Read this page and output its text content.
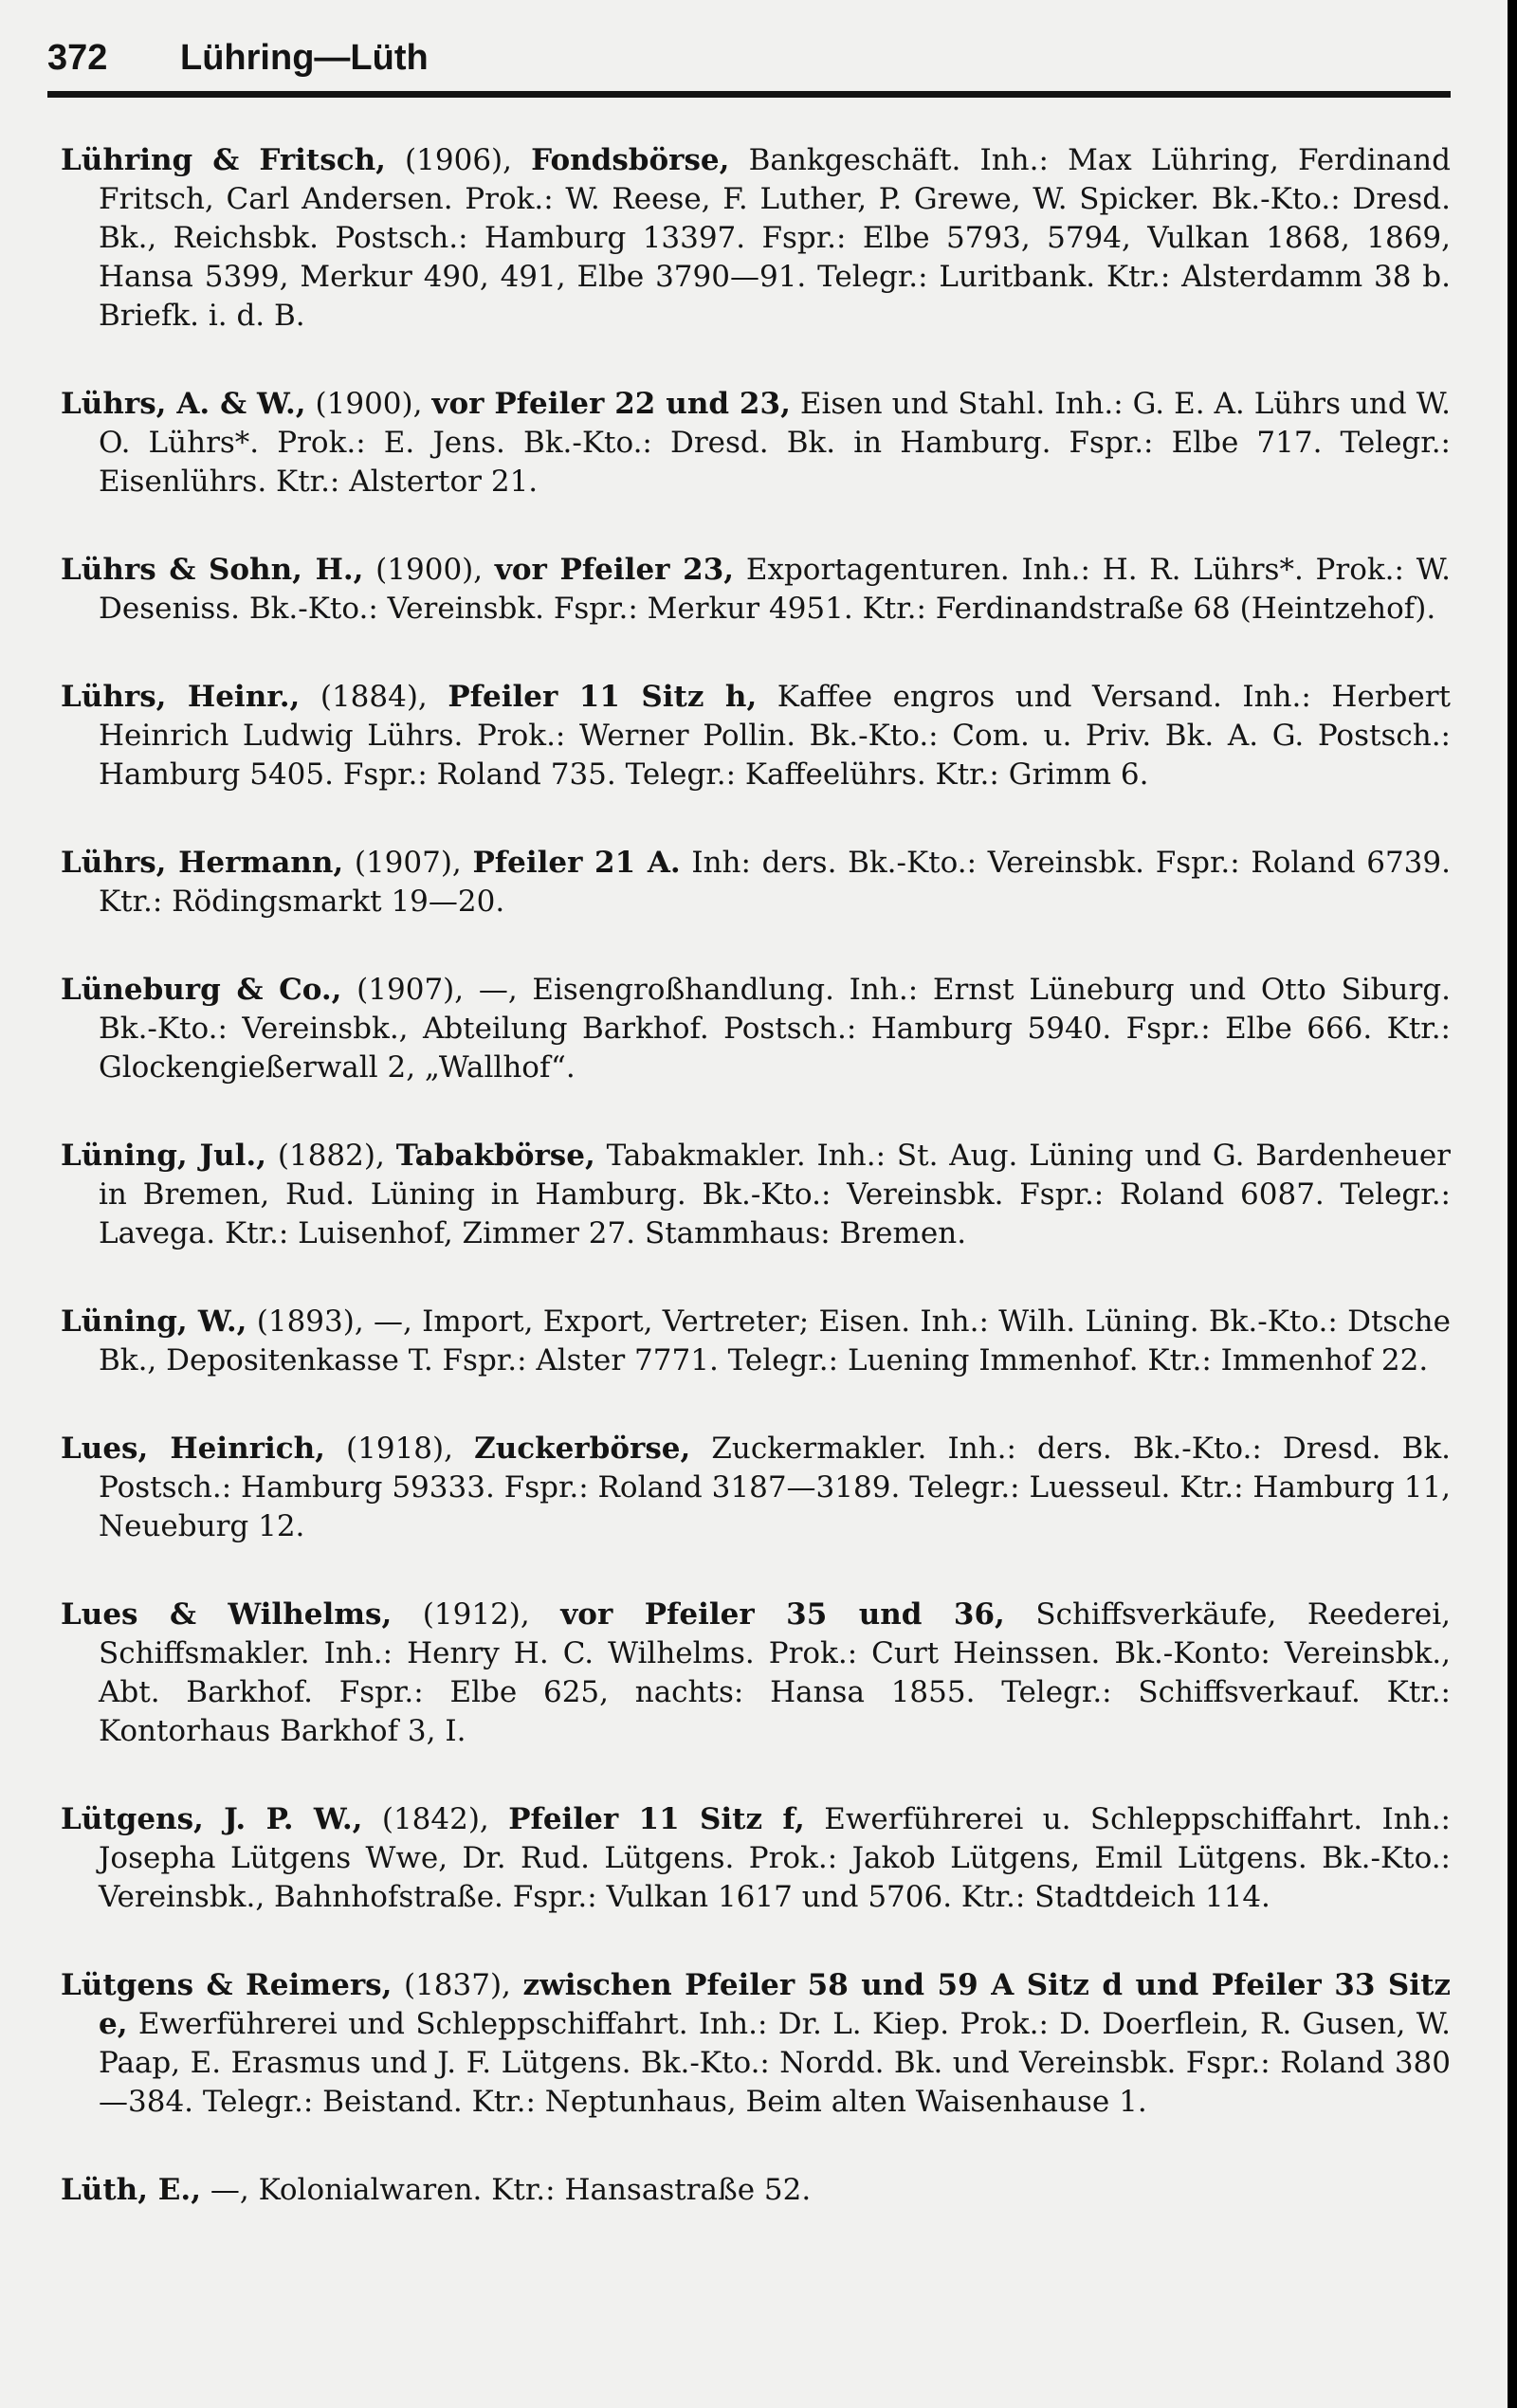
372	Lühring—Lüth

Lühring & Fritsch, (1906), Fondsbörse, Bankgeschäft. Inh.: Max Lühring, Ferdinand Fritsch, Carl Andersen. Prok.: W. Reese, F. Luther, P. Grewe, W. Spicker. Bk.-Kto.: Dresd. Bk., Reichsbk. Postsch.: Hamburg 13397. Fspr.: Elbe 5793, 5794, Vulkan 1868, 1869, Hansa 5399, Merkur 490, 491, Elbe 3790—91. Telegr.: Luritbank. Ktr.: Alsterdamm 38 b. Briefk. i. d. B.

Lührs, A. & W., (1900), vor Pfeiler 22 und 23, Eisen und Stahl. Inh.: G. E. A. Lührs und W. O. Lührs*. Prok.: E. Jens. Bk.-Kto.: Dresd. Bk. in Hamburg. Fspr.: Elbe 717. Telegr.: Eisenlührs. Ktr.: Alstertor 21.

Lührs & Sohn, H., (1900), vor Pfeiler 23, Exportagenturen. Inh.: H. R. Lührs*. Prok.: W. Deseniss. Bk.-Kto.: Vereinsbk. Fspr.: Merkur 4951. Ktr.: Ferdinandstraße 68 (Heintzehof).

Lührs, Heinr., (1884), Pfeiler 11 Sitz h, Kaffee engros und Versand. Inh.: Herbert Heinrich Ludwig Lührs. Prok.: Werner Pollin. Bk.-Kto.: Com. u. Priv. Bk. A. G. Postsch.: Hamburg 5405. Fspr.: Roland 735. Telegr.: Kaffeelührs. Ktr.: Grimm 6.

Lührs, Hermann, (1907), Pfeiler 21 A. Inh: ders. Bk.-Kto.: Vereinsbk. Fspr.: Roland 6739. Ktr.: Rödingsmarkt 19—20.

Lüneburg & Co., (1907), —, Eisengroßhandlung. Inh.: Ernst Lüneburg und Otto Siburg. Bk.-Kto.: Vereinsbk., Abteilung Barkhof. Postsch.: Hamburg 5940. Fspr.: Elbe 666. Ktr.: Glockengießerwall 2, „Wallhof“.

Lüning, Jul., (1882), Tabakbörse, Tabakmakler. Inh.: St. Aug. Lüning und G. Bardenheuer in Bremen, Rud. Lüning in Hamburg. Bk.-Kto.: Vereinsbk. Fspr.: Roland 6087. Telegr.: Lavega. Ktr.: Luisenhof, Zimmer 27. Stammhaus: Bremen.

Lüning, W., (1893), —, Import, Export, Vertreter; Eisen. Inh.: Wilh. Lüning. Bk.-Kto.: Dtsche Bk., Depositenkasse T. Fspr.: Alster 7771. Telegr.: Luening Immenhof. Ktr.: Immenhof 22.

Lues, Heinrich, (1918), Zuckerbörse, Zuckermakler. Inh.: ders. Bk.-Kto.: Dresd. Bk. Postsch.: Hamburg 59333. Fspr.: Roland 3187—3189. Telegr.: Luesseul. Ktr.: Hamburg 11, Neueburg 12.

Lues & Wilhelms, (1912), vor Pfeiler 35 und 36, Schiffsverkäufe, Reederei, Schiffsmakler. Inh.: Henry H. C. Wilhelms. Prok.: Curt Heinssen. Bk.-Konto: Vereinsbk., Abt. Barkhof. Fspr.: Elbe 625, nachts: Hansa 1855. Telegr.: Schiffsverkauf. Ktr.: Kontorhaus Barkhof 3, I.

Lütgens, J. P. W., (1842), Pfeiler 11 Sitz f, Ewerführerei u. Schleppschiffahrt. Inh.: Josepha Lütgens Wwe, Dr. Rud. Lütgens. Prok.: Jakob Lütgens, Emil Lütgens. Bk.-Kto.: Vereinsbk., Bahnhofstraße. Fspr.: Vulkan 1617 und 5706. Ktr.: Stadtdeich 114.

Lütgens & Reimers, (1837), zwischen Pfeiler 58 und 59 A Sitz d und Pfeiler 33 Sitz e, Ewerführerei und Schleppschiffahrt. Inh.: Dr. L. Kiep. Prok.: D. Doerflein, R. Gusen, W. Paap, E. Erasmus und J. F. Lütgens. Bk.-Kto.: Nordd. Bk. und Vereinsbk. Fspr.: Roland 380—384. Telegr.: Beistand. Ktr.: Neptunhaus, Beim alten Waisenhause 1.

Lüth, E., —, Kolonialwaren. Ktr.: Hansastraße 52.
